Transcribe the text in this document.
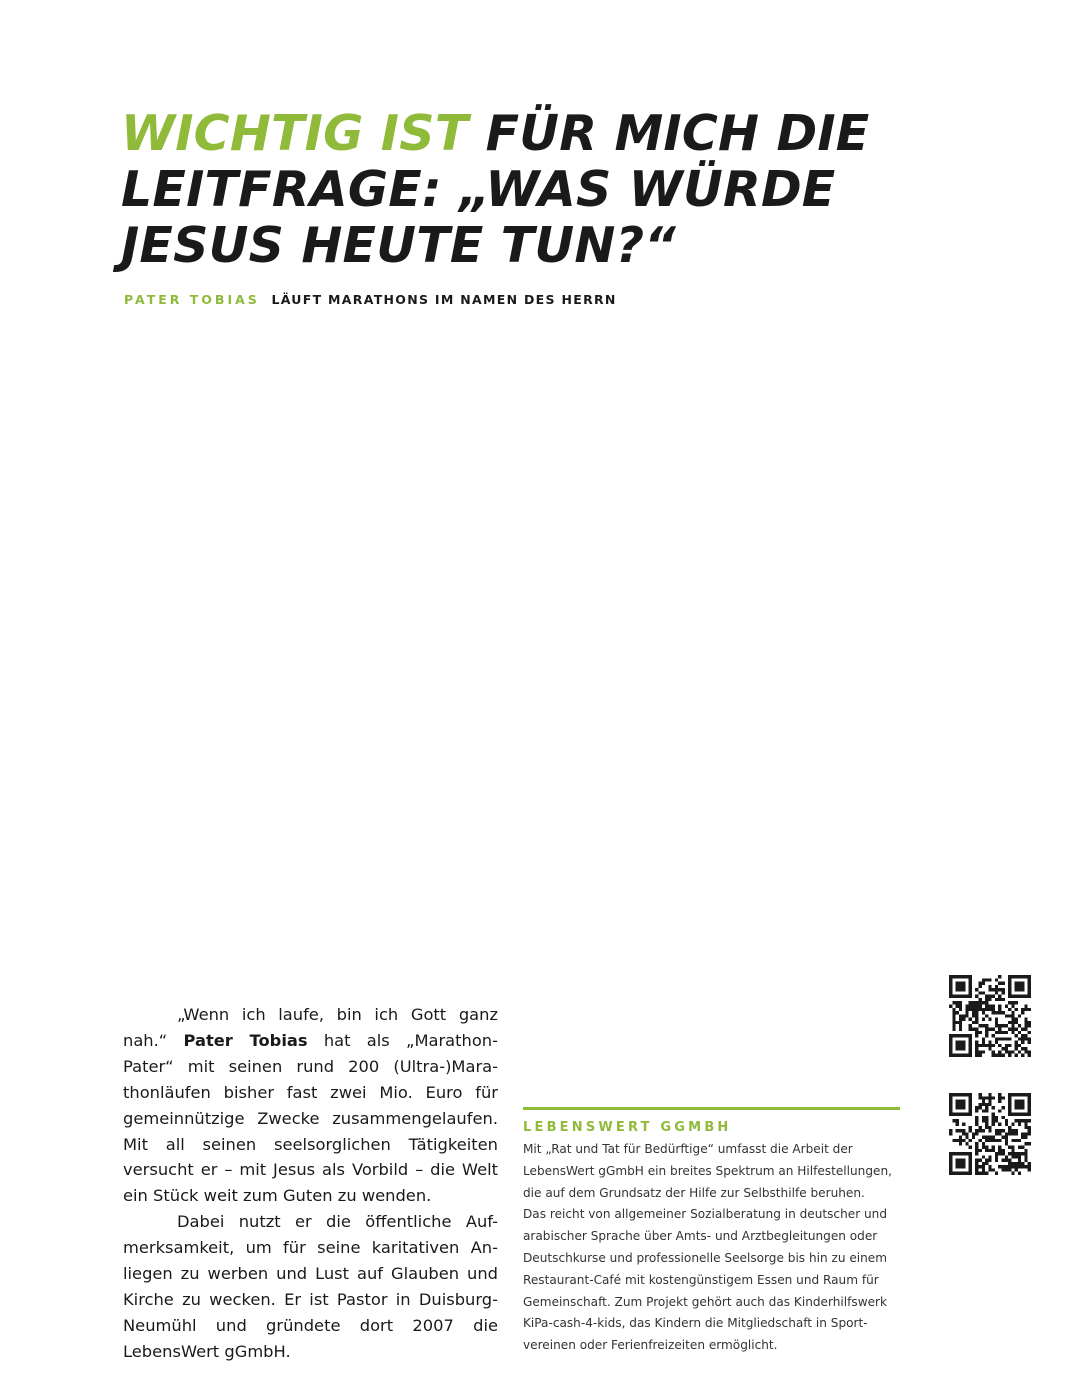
WICHTIG IST FÜR MICH DIE
LEITFRAGE: „WAS WÜRDE
JESUS HEUTE TUN?“
PATER TOBIAS LÄUFT MARATHONS IM NAMEN DES HERRN
„Wenn ich laufe, bin ich Gott ganz
nah.“ Pater Tobias hat als „Marathon-
Pater“ mit seinen rund 200 (Ultra-)Mara-
thonläufen bisher fast zwei Mio. Euro für
gemeinnützige Zwecke zusammengelaufen.
Mit all seinen seelsorglichen Tätigkeiten
versucht er – mit Jesus als Vorbild – die Welt
ein Stück weit zum Guten zu wenden.
Dabei nutzt er die öffentliche Auf-
merksamkeit, um für seine karitativen An-
liegen zu werben und Lust auf Glauben und
Kirche zu wecken. Er ist Pastor in Duisburg-
Neumühl und gründete dort 2007 die
LebensWert gGmbH.
LEBENSWERT GGMBH
Mit „Rat und Tat für Bedürftige“ umfasst die Arbeit der
LebensWert gGmbH ein breites Spektrum an Hilfestellungen,
die auf dem Grundsatz der Hilfe zur Selbsthilfe beruhen.
Das reicht von allgemeiner Sozialberatung in deutscher und
arabischer Sprache über Amts- und Arztbegleitungen oder
Deutschkurse und professionelle Seelsorge bis hin zu einem
Restaurant-Café mit kostengünstigem Essen und Raum für
Gemeinschaft. Zum Projekt gehört auch das Kinderhilfswerk
KiPa-cash-4-kids, das Kindern die Mitgliedschaft in Sport-
vereinen oder Ferienfreizeiten ermöglicht.
